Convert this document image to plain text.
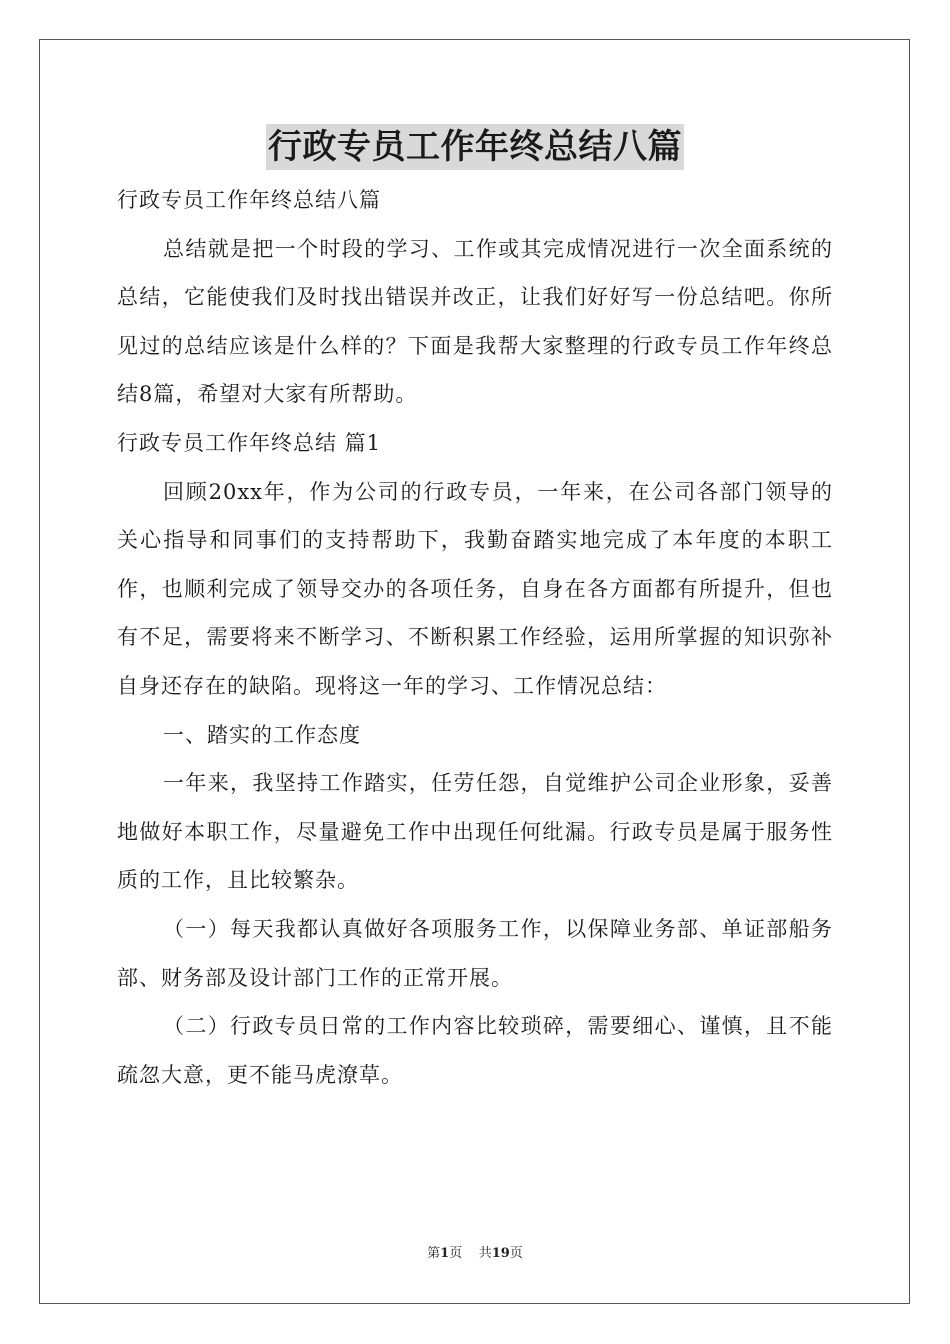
行政专员工作年终总结八篇

行政专员工作年终总结八篇

总结就是把一个时段的学习、工作或其完成情况进行一次全面系统的总结，它能使我们及时找出错误并改正，让我们好好写一份总结吧。你所见过的总结应该是什么样的？下面是我帮大家整理的行政专员工作年终总结8篇，希望对大家有所帮助。

行政专员工作年终总结 篇1

回顾20xx年，作为公司的行政专员，一年来，在公司各部门领导的关心指导和同事们的支持帮助下，我勤奋踏实地完成了本年度的本职工作，也顺利完成了领导交办的各项任务，自身在各方面都有所提升，但也有不足，需要将来不断学习、不断积累工作经验，运用所掌握的知识弥补自身还存在的缺陷。现将这一年的学习、工作情况总结：

一、踏实的工作态度

一年来，我坚持工作踏实，任劳任怨，自觉维护公司企业形象，妥善地做好本职工作，尽量避免工作中出现任何纰漏。行政专员是属于服务性质的工作，且比较繁杂。

（一）每天我都认真做好各项服务工作，以保障业务部、单证部船务部、财务部及设计部门工作的正常开展。

（二）行政专员日常的工作内容比较琐碎，需要细心、谨慎，且不能疏忽大意，更不能马虎潦草。

第1页    共19页
